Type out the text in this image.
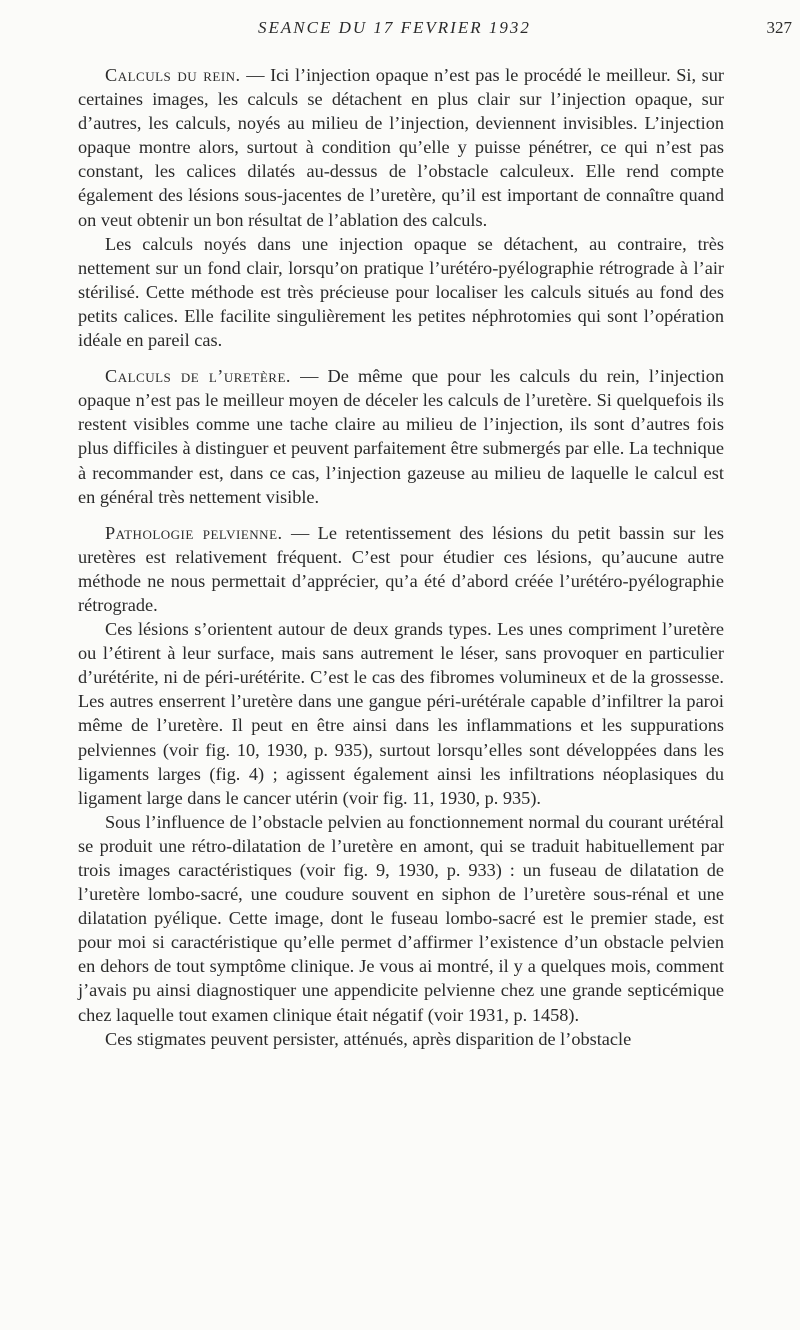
SEANCE DU 17 FEVRIER 1932	327

Calculs du rein. — Ici l’injection opaque n’est pas le procédé le meilleur. Si, sur certaines images, les calculs se détachent en plus clair sur l’injection opaque, sur d’autres, les calculs, noyés au milieu de l’injection, deviennent invisibles. L’injection opaque montre alors, surtout à condition qu’elle y puisse pénétrer, ce qui n’est pas constant, les calices dilatés au-dessus de l’obstacle calculeux. Elle rend compte également des lésions sous-jacentes de l’uretère, qu’il est important de connaître quand on veut obtenir un bon résultat de l’ablation des calculs.

Les calculs noyés dans une injection opaque se détachent, au contraire, très nettement sur un fond clair, lorsqu’on pratique l’urétéro-pyélographie rétrograde à l’air stérilisé. Cette méthode est très précieuse pour localiser les calculs situés au fond des petits calices. Elle facilite singulièrement les petites néphrotomies qui sont l’opération idéale en pareil cas.

Calculs de l’uretère. — De même que pour les calculs du rein, l’injection opaque n’est pas le meilleur moyen de déceler les calculs de l’uretère. Si quelquefois ils restent visibles comme une tache claire au milieu de l’injection, ils sont d’autres fois plus difficiles à distinguer et peuvent parfaitement être submergés par elle. La technique à recommander est, dans ce cas, l’injection gazeuse au milieu de laquelle le calcul est en général très nettement visible.

Pathologie pelvienne. — Le retentissement des lésions du petit bassin sur les uretères est relativement fréquent. C’est pour étudier ces lésions, qu’aucune autre méthode ne nous permettait d’apprécier, qu’a été d’abord créée l’urétéro-pyélographie rétrograde.

Ces lésions s’orientent autour de deux grands types. Les unes compriment l’uretère ou l’étirent à leur surface, mais sans autrement le léser, sans provoquer en particulier d’urétérite, ni de péri-urétérite. C’est le cas des fibromes volumineux et de la grossesse. Les autres enserrent l’uretère dans une gangue péri-urétérale capable d’infiltrer la paroi même de l’uretère. Il peut en être ainsi dans les inflammations et les suppurations pelviennes (voir fig. 10, 1930, p. 935), surtout lorsqu’elles sont développées dans les ligaments larges (fig. 4) ; agissent également ainsi les infiltrations néoplasiques du ligament large dans le cancer utérin (voir fig. 11, 1930, p. 935).

Sous l’influence de l’obstacle pelvien au fonctionnement normal du courant urétéral se produit une rétro-dilatation de l’uretère en amont, qui se traduit habituellement par trois images caractéristiques (voir fig. 9, 1930, p. 933) : un fuseau de dilatation de l’uretère lombo-sacré, une coudure souvent en siphon de l’uretère sous-rénal et une dilatation pyélique. Cette image, dont le fuseau lombo-sacré est le premier stade, est pour moi si caractéristique qu’elle permet d’affirmer l’existence d’un obstacle pelvien en dehors de tout symptôme clinique. Je vous ai montré, il y a quelques mois, comment j’avais pu ainsi diagnostiquer une appendicite pelvienne chez une grande septicémique chez laquelle tout examen clinique était négatif (voir 1931, p. 1458).

Ces stigmates peuvent persister, atténués, après disparition de l’obstacle
